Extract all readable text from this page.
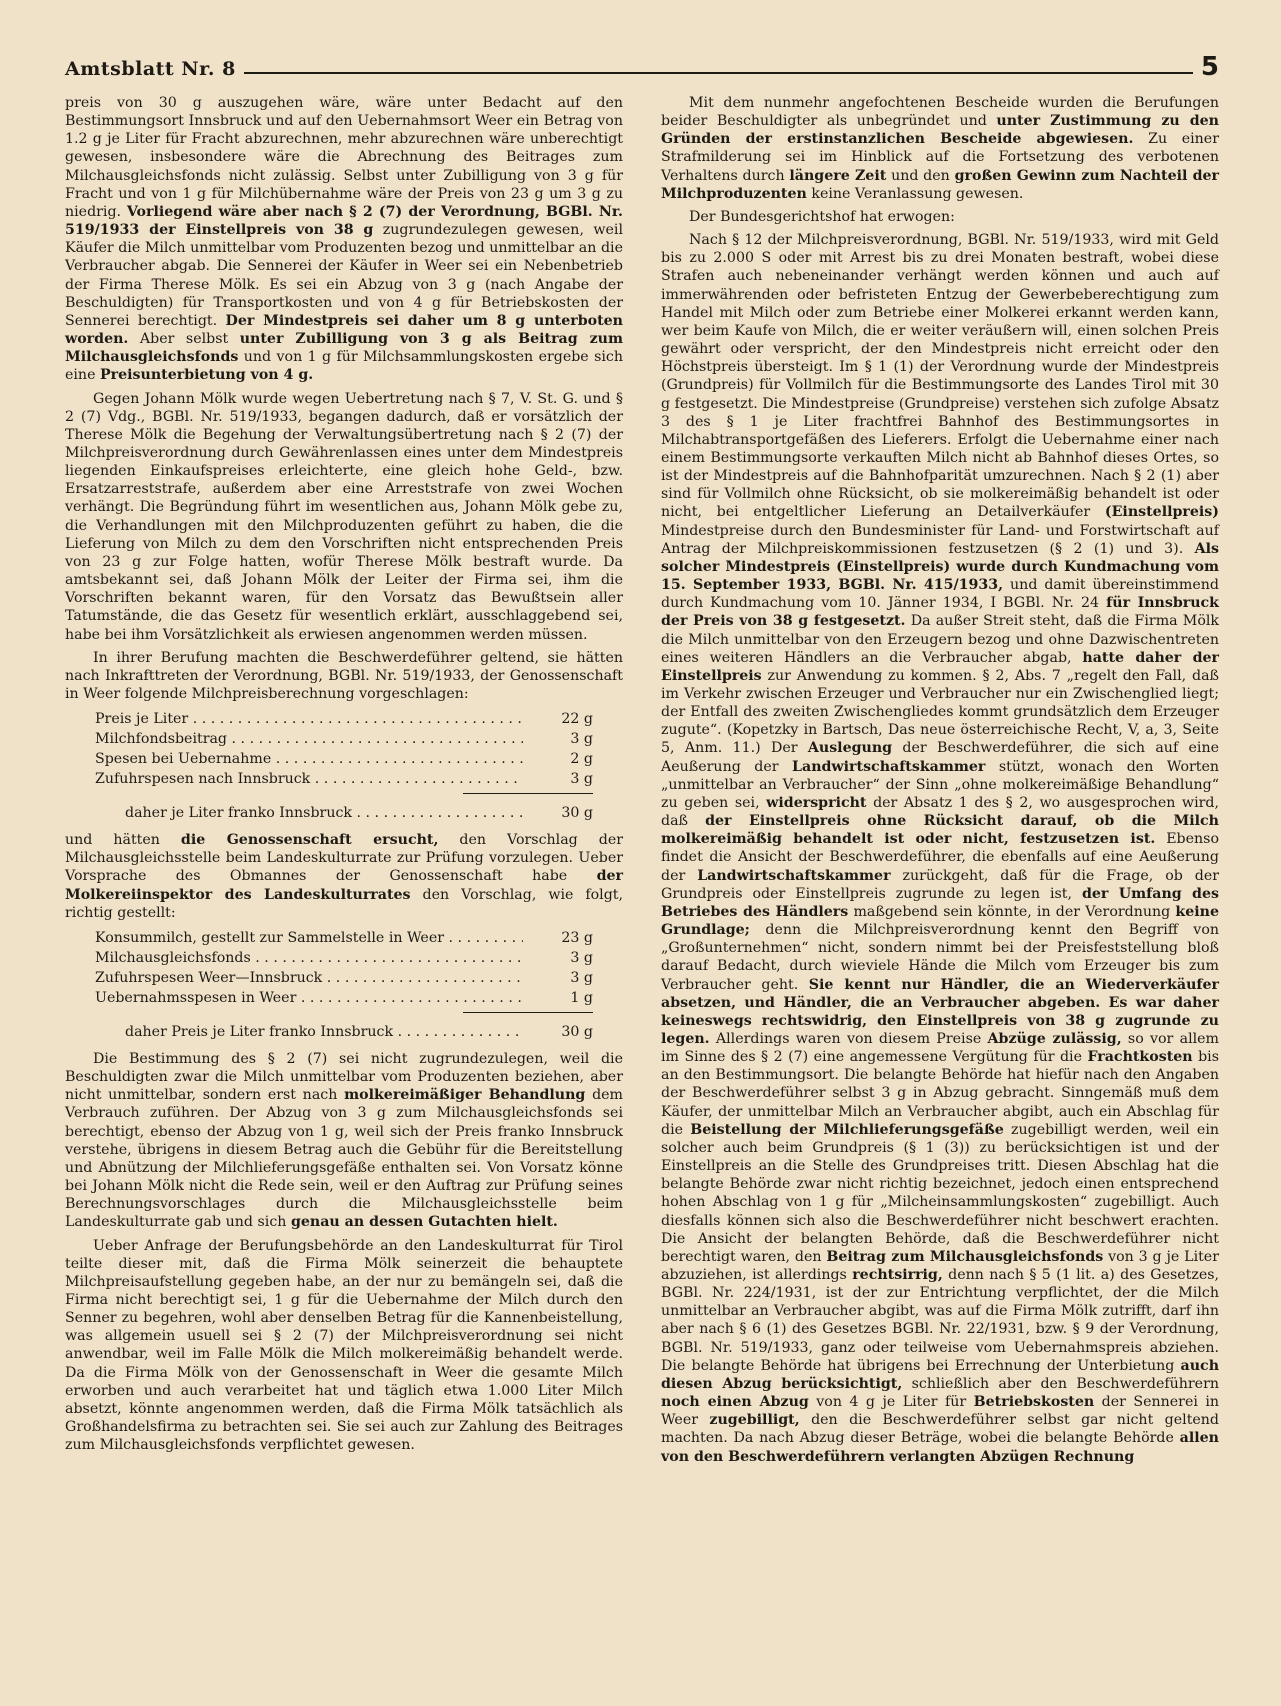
Amtsblatt Nr. 8	5

preis von 30 g auszugehen wäre, wäre unter Bedacht auf den Bestimmungsort Innsbruck und auf den Uebernahmsort Weer ein Betrag von 1.2 g je Liter für Fracht abzurechnen, mehr abzurechnen wäre unberechtigt gewesen, insbesondere wäre die Abrechnung des Beitrages zum Milchausgleichsfonds nicht zulässig. Selbst unter Zubilligung von 3 g für Fracht und von 1 g für Milchübernahme wäre der Preis von 23 g um 3 g zu niedrig. Vorliegend wäre aber nach § 2 (7) der Verordnung, BGBl. Nr. 519/1933 der Einstellpreis von 38 g zugrundezulegen gewesen, weil Käufer die Milch unmittelbar vom Produzenten bezog und unmittelbar an die Verbraucher abgab. Die Sennerei der Käufer in Weer sei ein Nebenbetrieb der Firma Therese Mölk. Es sei ein Abzug von 3 g (nach Angabe der Beschuldigten) für Transportkosten und von 4 g für Betriebskosten der Sennerei berechtigt. Der Mindestpreis sei daher um 8 g unterboten worden. Aber selbst unter Zubilligung von 3 g als Beitrag zum Milchausgleichsfonds und von 1 g für Milchsammlungskosten ergebe sich eine Preisunterbietung von 4 g.

Gegen Johann Mölk wurde wegen Uebertretung nach § 7, V. St. G. und § 2 (7) Vdg., BGBl. Nr. 519/1933, begangen dadurch, daß er vorsätzlich der Therese Mölk die Begehung der Verwaltungsübertretung nach § 2 (7) der Milchpreisverordnung durch Gewährenlassen eines unter dem Mindestpreis liegenden Einkaufspreises erleichterte, eine gleich hohe Geld-, bzw. Ersatzarreststrafe, außerdem aber eine Arreststrafe von zwei Wochen verhängt. Die Begründung führt im wesentlichen aus, Johann Mölk gebe zu, die Verhandlungen mit den Milchproduzenten geführt zu haben, die die Lieferung von Milch zu dem den Vorschriften nicht entsprechenden Preis von 23 g zur Folge hatten, wofür Therese Mölk bestraft wurde. Da amtsbekannt sei, daß Johann Mölk der Leiter der Firma sei, ihm die Vorschriften bekannt waren, für den Vorsatz das Bewußtsein aller Tatumstände, die das Gesetz für wesentlich erklärt, ausschlaggebend sei, habe bei ihm Vorsätzlichkeit als erwiesen angenommen werden müssen.

In ihrer Berufung machten die Beschwerdeführer geltend, sie hätten nach Inkrafttreten der Verordnung, BGBl. Nr. 519/1933, der Genossenschaft in Weer folgende Milchpreisberechnung vorgeschlagen:

Preis je Liter . . .	22 g
Milchfondsbeitrag . . .	3 g
Spesen bei Uebernahme . . .	2 g
Zufuhrspesen nach Innsbruck . . .	3 g
daher je Liter franko Innsbruck . . .	30 g

und hätten die Genossenschaft ersucht, den Vorschlag der Milchausgleichsstelle beim Landeskulturrate zur Prüfung vorzulegen. Ueber Vorsprache des Obmannes der Genossenschaft habe der Molkereiinspektor des Landeskulturrates den Vorschlag, wie folgt, richtig gestellt:

Konsummilch, gestellt zur Sammelstelle in Weer . . .	23 g
Milchausgleichsfonds . . .	3 g
Zufuhrspesen Weer—Innsbruck . . .	3 g
Uebernahmsspesen in Weer . . .	1 g
daher Preis je Liter franko Innsbruck . . .	30 g

Die Bestimmung des § 2 (7) sei nicht zugrundezulegen, weil die Beschuldigten zwar die Milch unmittelbar vom Produzenten beziehen, aber nicht unmittelbar, sondern erst nach molkereimäßiger Behandlung dem Verbrauch zuführen. Der Abzug von 3 g zum Milchausgleichsfonds sei berechtigt, ebenso der Abzug von 1 g, weil sich der Preis franko Innsbruck verstehe, übrigens in diesem Betrag auch die Gebühr für die Bereitstellung und Abnützung der Milchlieferungsgefäße enthalten sei. Von Vorsatz könne bei Johann Mölk nicht die Rede sein, weil er den Auftrag zur Prüfung seines Berechnungsvorschlages durch die Milchausgleichsstelle beim Landeskulturrate gab und sich genau an dessen Gutachten hielt.

Ueber Anfrage der Berufungsbehörde an den Landeskulturrat für Tirol teilte dieser mit, daß die Firma Mölk seinerzeit die behauptete Milchpreisaufstellung gegeben habe, an der nur zu bemängeln sei, daß die Firma nicht berechtigt sei, 1 g für die Uebernahme der Milch durch den Senner zu begehren, wohl aber denselben Betrag für die Kannenbeistellung, was allgemein usuell sei § 2 (7) der Milchpreisverordnung sei nicht anwendbar, weil im Falle Mölk die Milch molkereimäßig behandelt werde. Da die Firma Mölk von der Genossenschaft in Weer die gesamte Milch erworben und auch verarbeitet hat und täglich etwa 1.000 Liter Milch absetzt, könnte angenommen werden, daß die Firma Mölk tatsächlich als Großhandelsfirma zu betrachten sei. Sie sei auch zur Zahlung des Beitrages zum Milchausgleichsfonds verpflichtet gewesen.

Mit dem nunmehr angefochtenen Bescheide wurden die Berufungen beider Beschuldigter als unbegründet und unter Zustimmung zu den Gründen der erstinstanzlichen Bescheide abgewiesen. Zu einer Strafmilderung sei im Hinblick auf die Fortsetzung des verbotenen Verhaltens durch längere Zeit und den großen Gewinn zum Nachteil der Milchproduzenten keine Veranlassung gewesen.

Der Bundesgerichtshof hat erwogen:

Nach § 12 der Milchpreisverordnung, BGBl. Nr. 519/1933, wird mit Geld bis zu 2.000 S oder mit Arrest bis zu drei Monaten bestraft, wobei diese Strafen auch nebeneinander verhängt werden können und auch auf immerwährenden oder befristeten Entzug der Gewerbeberechtigung zum Handel mit Milch oder zum Betriebe einer Molkerei erkannt werden kann, wer beim Kaufe von Milch, die er weiter veräußern will, einen solchen Preis gewährt oder verspricht, der den Mindestpreis nicht erreicht oder den Höchstpreis übersteigt. Im § 1 (1) der Verordnung wurde der Mindestpreis (Grundpreis) für Vollmilch für die Bestimmungsorte des Landes Tirol mit 30 g festgesetzt. Die Mindestpreise (Grundpreise) verstehen sich zufolge Absatz 3 des § 1 je Liter frachtfrei Bahnhof des Bestimmungsortes in Milchabtransportgefäßen des Lieferers. Erfolgt die Uebernahme einer nach einem Bestimmungsorte verkauften Milch nicht ab Bahnhof dieses Ortes, so ist der Mindestpreis auf die Bahnhofparität umzurechnen. Nach § 2 (1) aber sind für Vollmilch ohne Rücksicht, ob sie molkereimäßig behandelt ist oder nicht, bei entgeltlicher Lieferung an Detailverkäufer (Einstellpreis) Mindestpreise durch den Bundesminister für Land- und Forstwirtschaft auf Antrag der Milchpreiskommissionen festzusetzen (§ 2 (1) und 3). Als solcher Mindestpreis (Einstellpreis) wurde durch Kundmachung vom 15. September 1933, BGBl. Nr. 415/1933, und damit übereinstimmend durch Kundmachung vom 10. Jänner 1934, I BGBl. Nr. 24 für Innsbruck der Preis von 38 g festgesetzt. Da außer Streit steht, daß die Firma Mölk die Milch unmittelbar von den Erzeugern bezog und ohne Dazwischentreten eines weiteren Händlers an die Verbraucher abgab, hatte daher der Einstellpreis zur Anwendung zu kommen. § 2, Abs. 7 „regelt den Fall, daß im Verkehr zwischen Erzeuger und Verbraucher nur ein Zwischenglied liegt; der Entfall des zweiten Zwischengliedes kommt grundsätzlich dem Erzeuger zugute“. (Kopetzky in Bartsch, Das neue österreichische Recht, V, a, 3, Seite 5, Anm. 11.) Der Auslegung der Beschwerdeführer, die sich auf eine Aeußerung der Landwirtschaftskammer stützt, wonach den Worten „unmittelbar an Verbraucher“ der Sinn „ohne molkereimäßige Behandlung“ zu geben sei, widerspricht der Absatz 1 des § 2, wo ausgesprochen wird, daß der Einstellpreis ohne Rücksicht darauf, ob die Milch molkereimäßig behandelt ist oder nicht, festzusetzen ist. Ebenso findet die Ansicht der Beschwerdeführer, die ebenfalls auf eine Aeußerung der Landwirtschaftskammer zurückgeht, daß für die Frage, ob der Grundpreis oder Einstellpreis zugrunde zu legen ist, der Umfang des Betriebes des Händlers maßgebend sein könnte, in der Verordnung keine Grundlage; denn die Milchpreisverordnung kennt den Begriff von „Großunternehmen“ nicht, sondern nimmt bei der Preisfeststellung bloß darauf Bedacht, durch wieviele Hände die Milch vom Erzeuger bis zum Verbraucher geht. Sie kennt nur Händler, die an Wiederverkäufer absetzen, und Händler, die an Verbraucher abgeben. Es war daher keineswegs rechtswidrig, den Einstellpreis von 38 g zugrunde zu legen. Allerdings waren von diesem Preise Abzüge zulässig, so vor allem im Sinne des § 2 (7) eine angemessene Vergütung für die Frachtkosten bis an den Bestimmungsort. Die belangte Behörde hat hiefür nach den Angaben der Beschwerdeführer selbst 3 g in Abzug gebracht. Sinngemäß muß dem Käufer, der unmittelbar Milch an Verbraucher abgibt, auch ein Abschlag für die Beistellung der Milchlieferungsgefäße zugebilligt werden, weil ein solcher auch beim Grundpreis (§ 1 (3)) zu berücksichtigen ist und der Einstellpreis an die Stelle des Grundpreises tritt. Diesen Abschlag hat die belangte Behörde zwar nicht richtig bezeichnet, jedoch einen entsprechend hohen Abschlag von 1 g für „Milcheinsammlungskosten“ zugebilligt. Auch diesfalls können sich also die Beschwerdeführer nicht beschwert erachten. Die Ansicht der belangten Behörde, daß die Beschwerdeführer nicht berechtigt waren, den Beitrag zum Milchausgleichsfonds von 3 g je Liter abzuziehen, ist allerdings rechtsirrig, denn nach § 5 (1 lit. a) des Gesetzes, BGBl. Nr. 224/1931, ist der zur Entrichtung verpflichtet, der die Milch unmittelbar an Verbraucher abgibt, was auf die Firma Mölk zutrifft, darf ihn aber nach § 6 (1) des Gesetzes BGBl. Nr. 22/1931, bzw. § 9 der Verordnung, BGBl. Nr. 519/1933, ganz oder teilweise vom Uebernahmspreis abziehen. Die belangte Behörde hat übrigens bei Errechnung der Unterbietung auch diesen Abzug berücksichtigt, schließlich aber den Beschwerdeführern noch einen Abzug von 4 g je Liter für Betriebskosten der Sennerei in Weer zugebilligt, den die Beschwerdeführer selbst gar nicht geltend machten. Da nach Abzug dieser Beträge, wobei die belangte Behörde allen von den Beschwerdeführern verlangten Abzügen Rechnung
